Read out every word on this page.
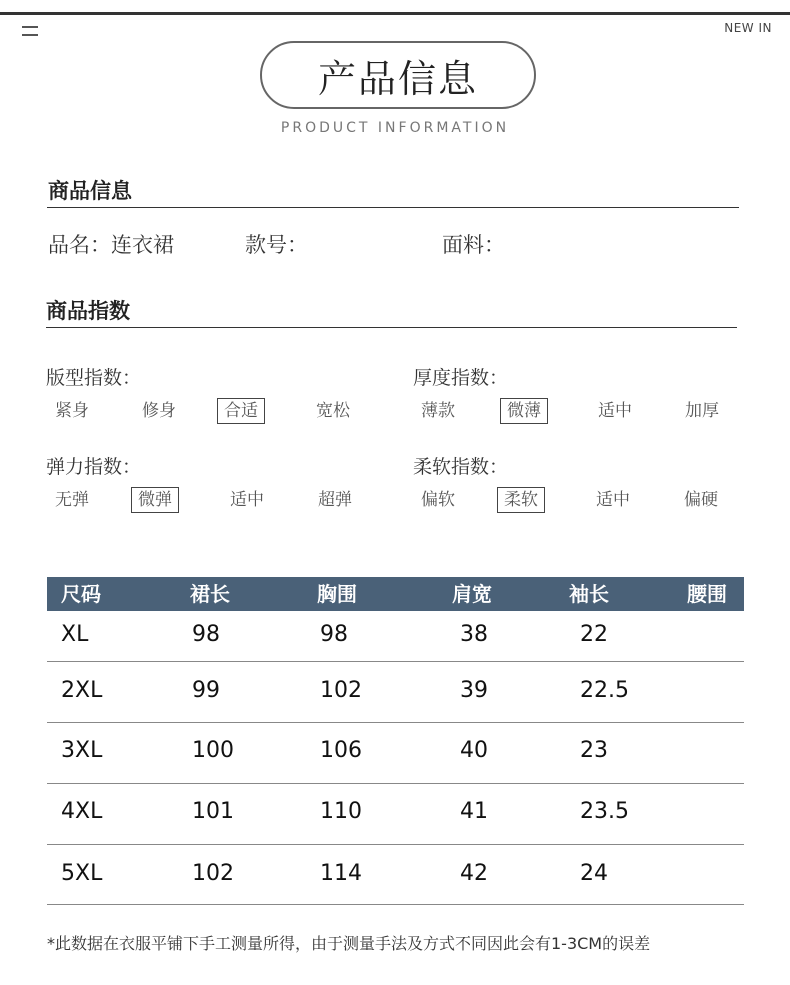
NEW IN
产品信息
PRODUCT INFORMATION
商品信息
品名：连衣裙	款号：	面料：
商品指数
版型指数：
紧身	修身	合适	宽松
厚度指数：
薄款	微薄	适中	加厚
弹力指数：
无弹	微弹	适中	超弹
柔软指数：
偏软	柔软	适中	偏硬
尺码	裙长	胸围	肩宽	袖长	腰围
XL	98	98	38	22
2XL	99	102	39	22.5
3XL	100	106	40	23
4XL	101	110	41	23.5
5XL	102	114	42	24
*此数据在衣服平铺下手工测量所得，由于测量手法及方式不同因此会有1-3CM的误差
